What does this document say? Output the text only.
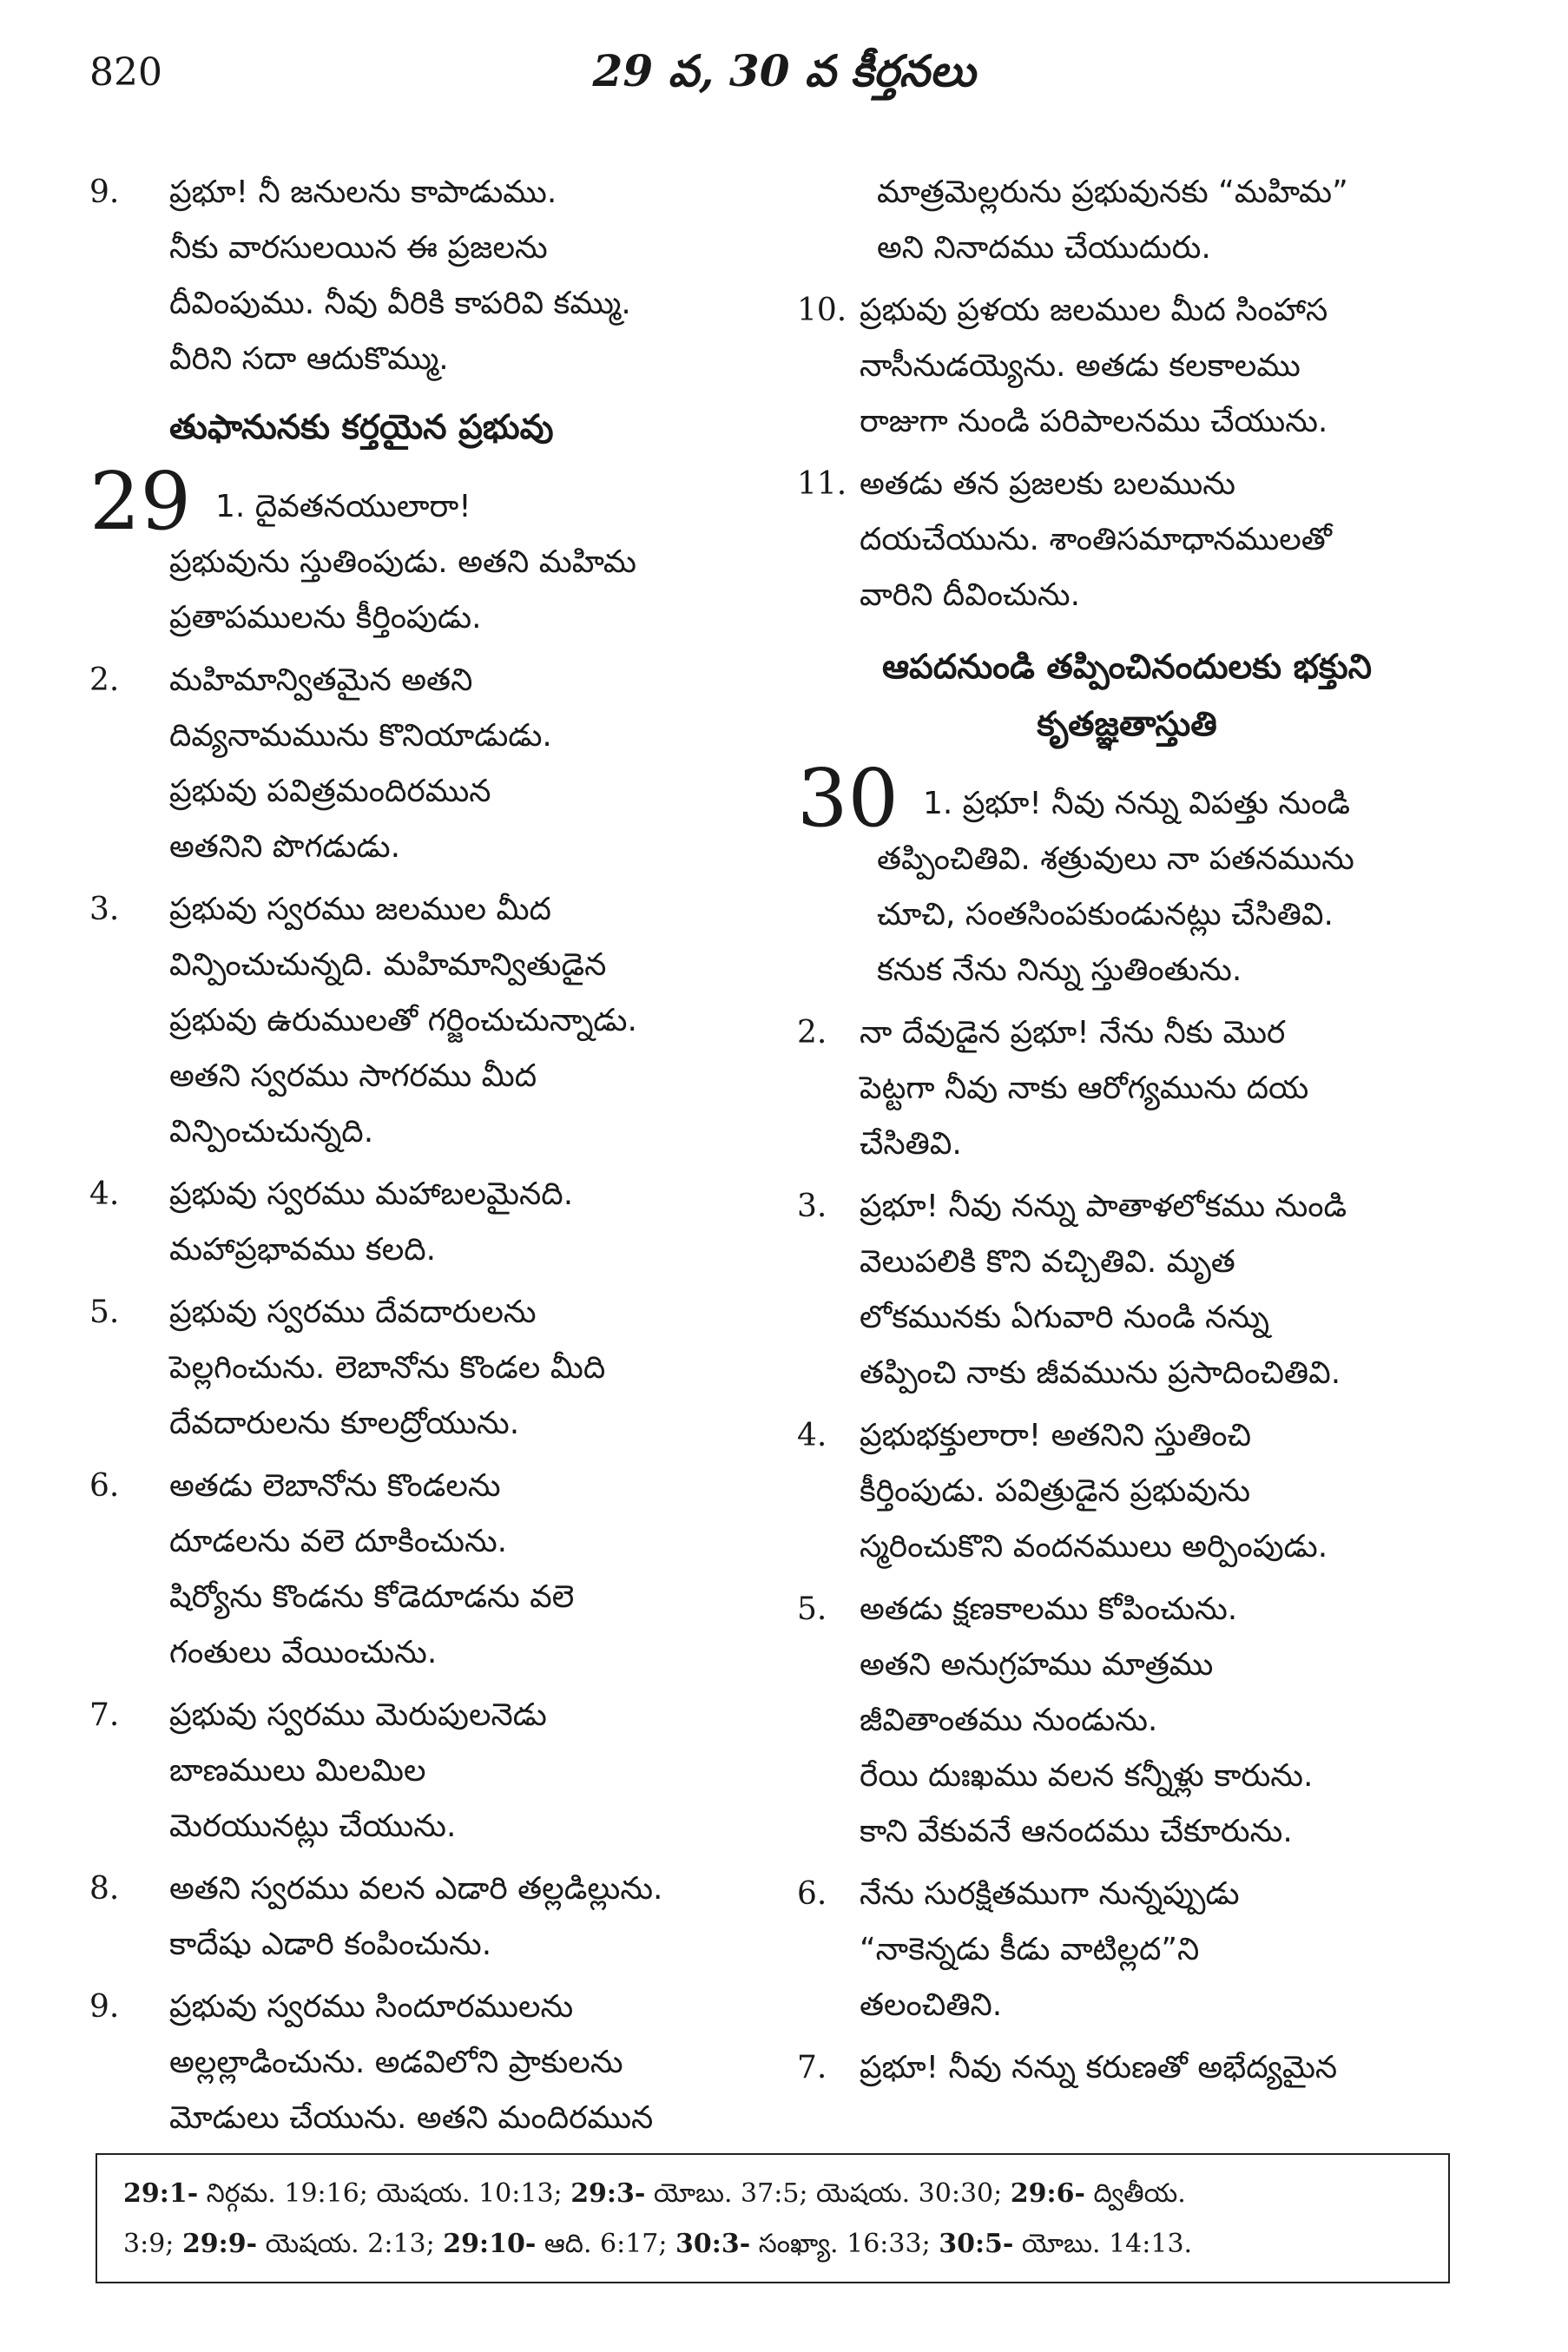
820	29 వ, 30 వ కీర్తనలు
9.	ప్రభూ! నీ జనులను కాపాడుము.
నీకు వారసులయిన ఈ ప్రజలను
దీవింపుము. నీవు వీరికి కాపరివి కమ్ము.
వీరిని సదా ఆదుకొమ్ము.
తుఫానునకు కర్తయైన ప్రభువు
29 1. దైవతనయులారా!
ప్రభువును స్తుతింపుడు. అతని మహిమ
ప్రతాపములను కీర్తింపుడు.
2.	మహిమాన్వితమైన అతని
దివ్యనామమును కొనియాడుడు.
ప్రభువు పవిత్రమందిరమున
అతనిని పొగడుడు.
3.	ప్రభువు స్వరము జలముల మీద
విన్పించుచున్నది. మహిమాన్వితుడైన
ప్రభువు ఉరుములతో గర్జించుచున్నాడు.
అతని స్వరము సాగరము మీద
విన్పించుచున్నది.
4.	ప్రభువు స్వరము మహాబలమైనది.
మహాప్రభావము కలది.
5.	ప్రభువు స్వరము దేవదారులను
పెల్లగించును. లెబానోను కొండల మీది
దేవదారులను కూలద్రోయును.
6.	అతడు లెబానోను కొండలను
దూడలను వలె దూకించును.
షిర్యోను కొండను కోడెదూడను వలె
గంతులు వేయించును.
7.	ప్రభువు స్వరము మెరుపులనెడు
బాణములు మిలమిల
మెరయునట్లు చేయును.
8.	అతని స్వరము వలన ఎడారి తల్లడిల్లును.
కాదేషు ఎడారి కంపించును.
9.	ప్రభువు స్వరము సిందూరములను
అల్లల్లాడించును. అడవిలోని ప్రాకులను
మోడులు చేయును. అతని మందిరమున
మాత్రమెల్లరును ప్రభువునకు “మహిమ”
అని నినాదము చేయుదురు.
10. ప్రభువు ప్రళయ జలముల మీద సింహాస
నాసీనుడయ్యెను. అతడు కలకాలము
రాజుగా నుండి పరిపాలనము చేయును.
11. అతడు తన ప్రజలకు బలమును
దయచేయును. శాంతిసమాధానములతో
వారిని దీవించును.
ఆపదనుండి తప్పించినందులకు భక్తుని
కృతజ్ఞతాస్తుతి
30 1. ప్రభూ! నీవు నన్ను విపత్తు నుండి
తప్పించితివి. శత్రువులు నా పతనమును
చూచి, సంతసింపకుండునట్లు చేసితివి.
కనుక నేను నిన్ను స్తుతింతును.
2.	నా దేవుడైన ప్రభూ! నేను నీకు మొర
పెట్టగా నీవు నాకు ఆరోగ్యమును దయ
చేసితివి.
3.	ప్రభూ! నీవు నన్ను పాతాళలోకము నుండి
వెలుపలికి కొని వచ్చితివి. మృత
లోకమునకు ఏగువారి నుండి నన్ను
తప్పించి నాకు జీవమును ప్రసాదించితివి.
4.	ప్రభుభక్తులారా! అతనిని స్తుతించి
కీర్తింపుడు. పవిత్రుడైన ప్రభువును
స్మరించుకొని వందనములు అర్పింపుడు.
5.	అతడు క్షణకాలము కోపించును.
అతని అనుగ్రహము మాత్రము
జీవితాంతము నుండును.
రేయి దుఃఖము వలన కన్నీళ్లు కారును.
కాని వేకువనే ఆనందము చేకూరును.
6.	నేను సురక్షితముగా నున్నప్పుడు
“నాకెన్నడు కీడు వాటిల్లద”ని
తలంచితిని.
7.	ప్రభూ! నీవు నన్ను కరుణతో అభేద్యమైన
29:1- నిర్గమ. 19:16; యెషయ. 10:13; 29:3- యోబు. 37:5; యెషయ. 30:30; 29:6- ద్వితీయ.
3:9; 29:9- యెషయ. 2:13; 29:10- ఆది. 6:17; 30:3- సంఖ్యా. 16:33; 30:5- యోబు. 14:13.
